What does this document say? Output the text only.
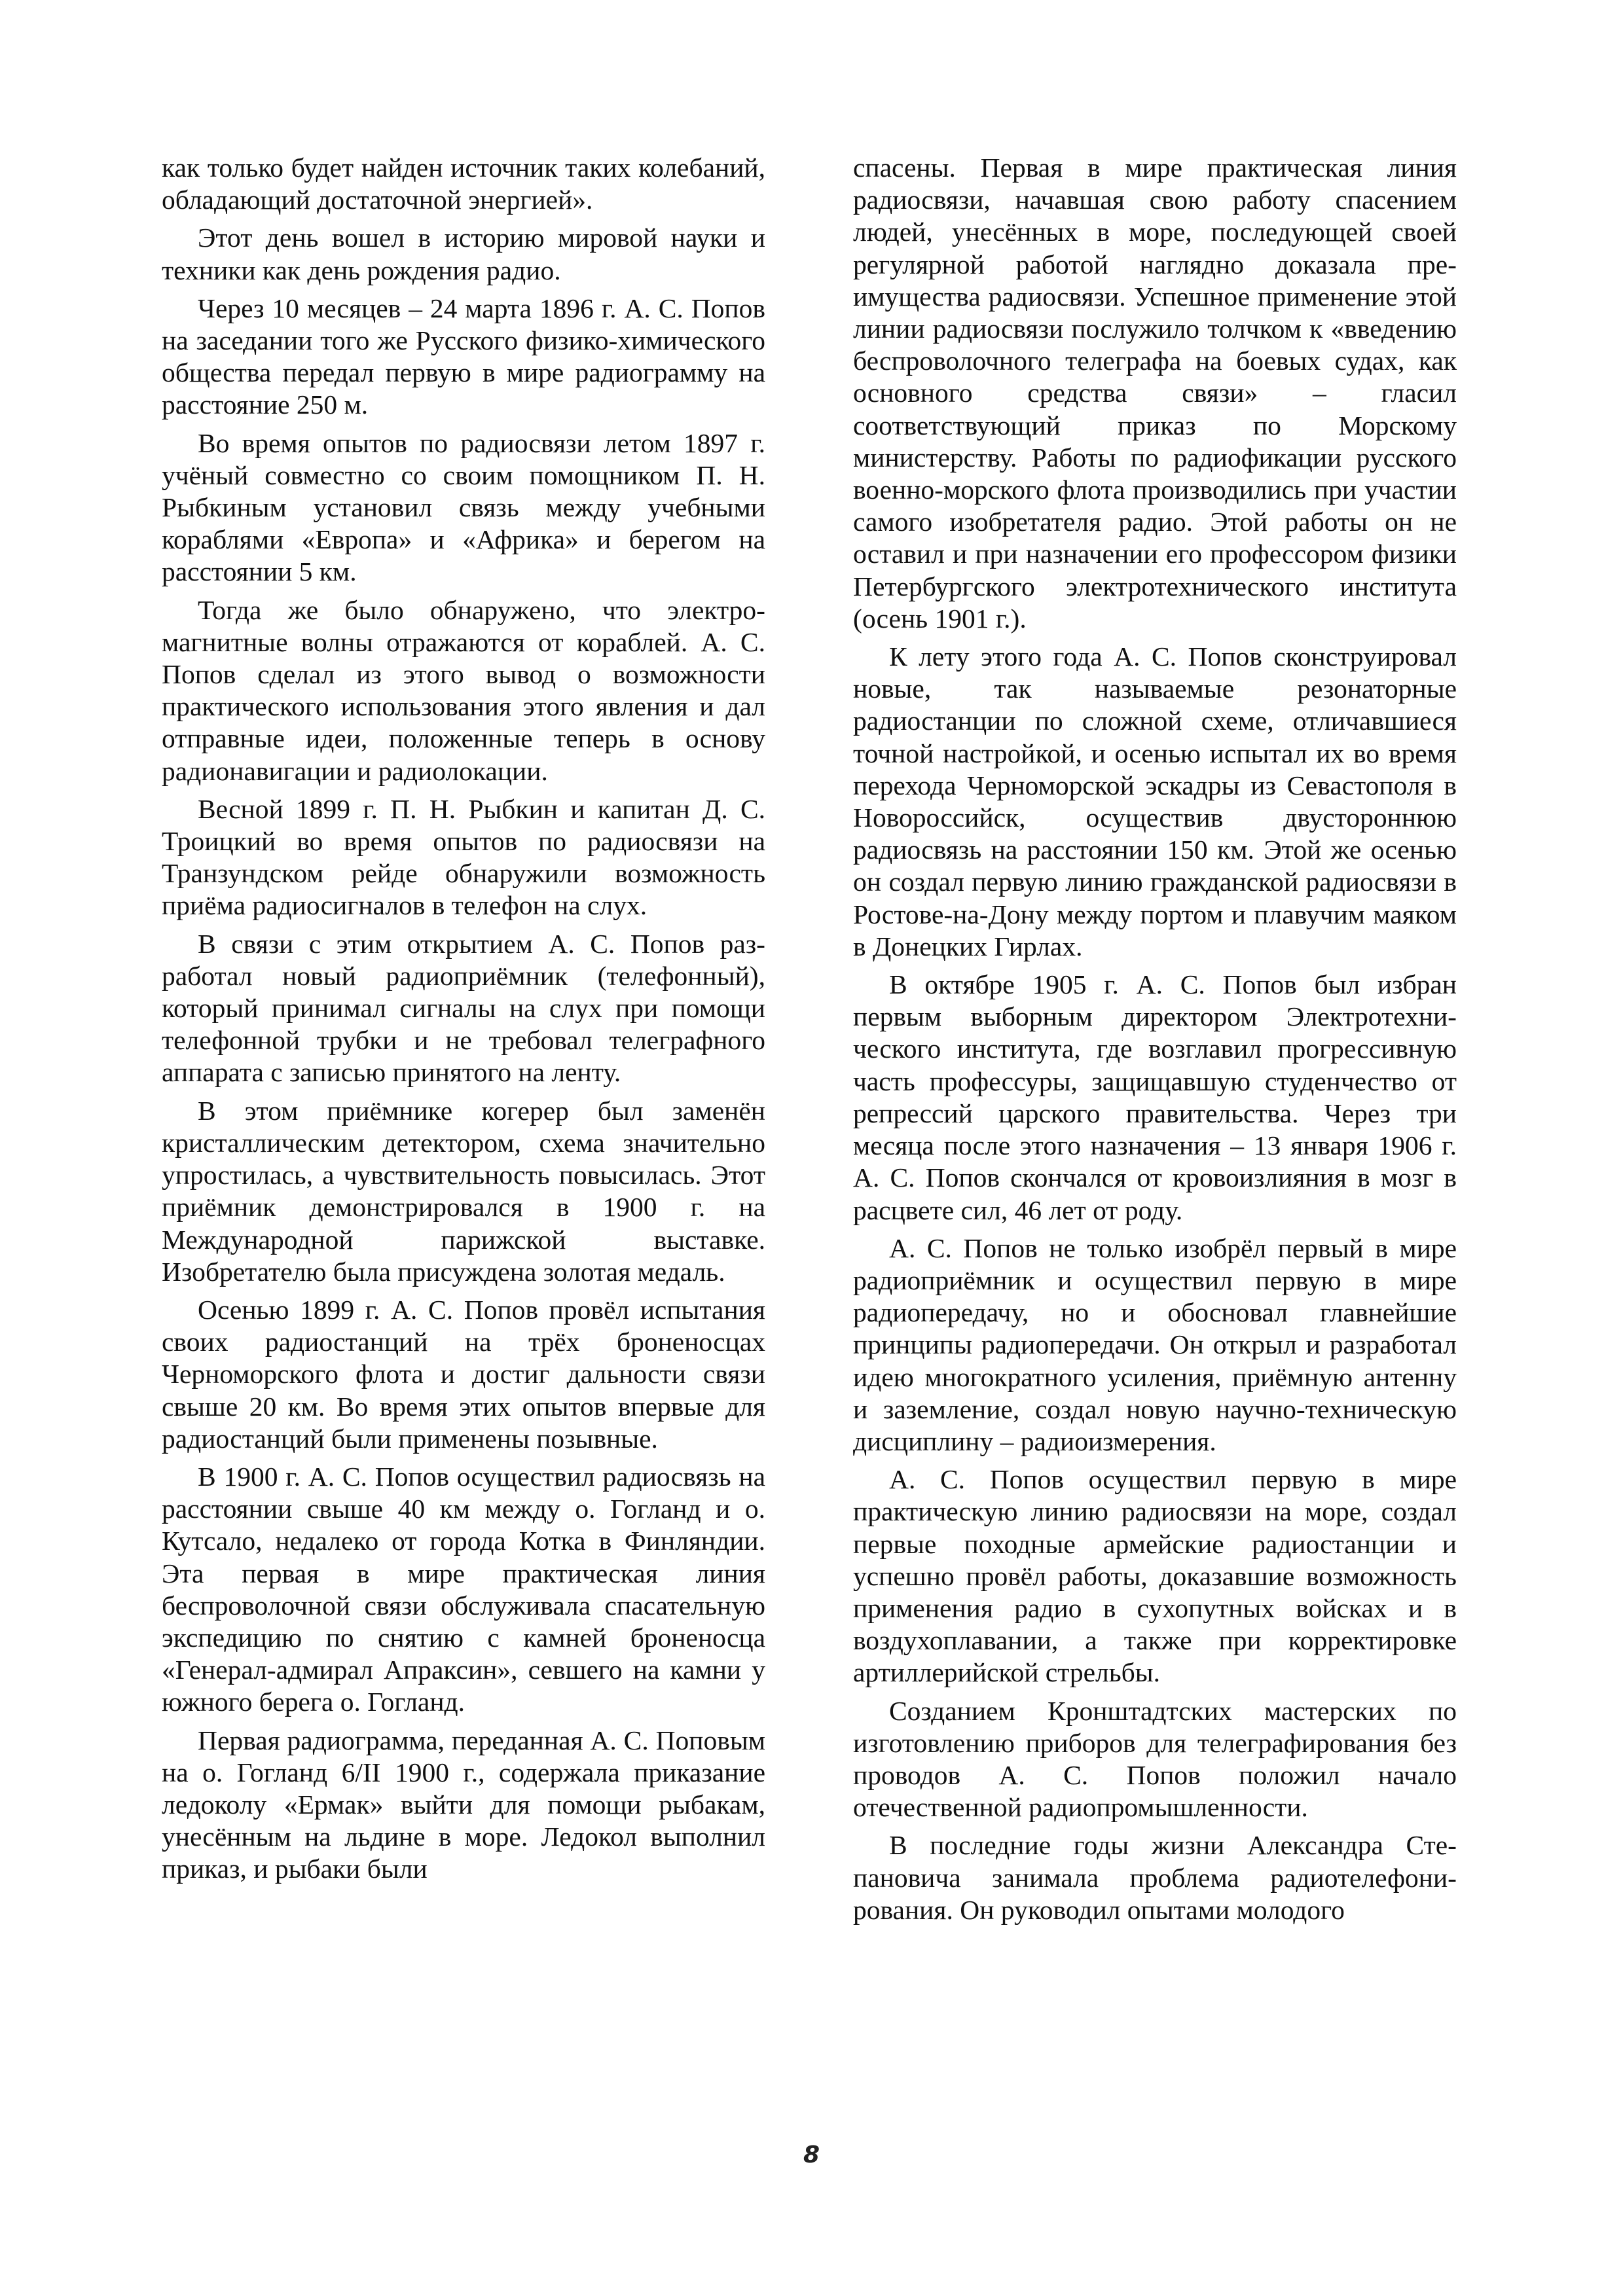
как только будет найден источник таких колебаний, обладающий достаточной энергией».

Этот день вошел в историю мировой науки и техники как день рождения радио.

Через 10 месяцев – 24 марта 1896 г. А. С. Попов на заседании того же Русского физико-химического общества передал первую в мире радиограмму на расстояние 250 м.

Во время опытов по радиосвязи летом 1897 г. учёный совместно со своим помощником П. Н. Рыбкиным установил связь между учебными кораблями «Европа» и «Африка» и берегом на расстоянии 5 км.

Тогда же было обнаружено, что электромагнитные волны отражаются от кораблей. А. С. Попов сделал из этого вывод о возможности практического использования этого явления и дал отправные идеи, положенные теперь в основу радионавигации и радиолокации.

Весной 1899 г. П. Н. Рыбкин и капитан Д. С. Троицкий во время опытов по радиосвязи на Транзундском рейде обнаружили возможность приёма радиосигналов в телефон на слух.

В связи с этим открытием А. С. Попов разработал новый радиоприёмник (телефонный), который принимал сигналы на слух при помощи телефонной трубки и не требовал телеграфного аппарата с записью принятого на ленту.

В этом приёмнике когерер был заменён кристаллическим детектором, схема значительно упростилась, а чувствительность повысилась. Этот приёмник демонстрировался в 1900 г. на Международной парижской выставке. Изобретателю была присуждена золотая медаль.

Осенью 1899 г. А. С. Попов провёл испытания своих радиостанций на трёх броненосцах Черноморского флота и достиг дальности связи свыше 20 км. Во время этих опытов впервые для радиостанций были применены позывные.

В 1900 г. А. С. Попов осуществил радиосвязь на расстоянии свыше 40 км между о. Гогланд и о. Кутсало, недалеко от города Котка в Финляндии. Эта первая в мире практическая линия беспроволочной связи обслуживала спасательную экспедицию по снятию с камней броненосца «Генерал-адмирал Апраксин», севшего на камни у южного берега о. Гогланд.

Первая радиограмма, переданная А. С. Поповым на о. Гогланд 6/II 1900 г., содержала приказание ледоколу «Ермак» выйти для помощи рыбакам, унесённым на льдине в море. Ледокол выполнил приказ, и рыбаки были

спасены. Первая в мире практическая линия радиосвязи, начавшая свою работу спасением людей, унесённых в море, последующей своей регулярной работой наглядно доказала преимущества радиосвязи. Успешное применение этой линии радиосвязи послужило толчком к «введению беспроволочного телеграфа на боевых судах, как основного средства связи» – гласил соответствующий приказ по Морскому министерству. Работы по радиофикации русского военно-морского флота производились при участии самого изобретателя радио. Этой работы он не оставил и при назначении его профессором физики Петербургского электротехнического института (осень 1901 г.).

К лету этого года А. С. Попов сконструировал новые, так называемые резонаторные радиостанции по сложной схеме, отличавшиеся точной настройкой, и осенью испытал их во время перехода Черноморской эскадры из Севастополя в Новороссийск, осуществив двустороннюю радиосвязь на расстоянии 150 км. Этой же осенью он создал первую линию гражданской радиосвязи в Ростове-на-Дону между портом и плавучим маяком в Донецких Гирлах.

В октябре 1905 г. А. С. Попов был избран первым выборным директором Электротехнического института, где возглавил прогрессивную часть профессуры, защищавшую студенчество от репрессий царского правительства. Через три месяца после этого назначения – 13 января 1906 г. А. С. Попов скончался от кровоизлияния в мозг в расцвете сил, 46 лет от роду.

А. С. Попов не только изобрёл первый в мире радиоприёмник и осуществил первую в мире радиопередачу, но и обосновал главнейшие принципы радиопередачи. Он открыл и разработал идею многократного усиления, приёмную антенну и заземление, создал новую научно-техническую дисциплину – радиоизмерения.

А. С. Попов осуществил первую в мире практическую линию радиосвязи на море, создал первые походные армейские радиостанции и успешно провёл работы, доказавшие возможность применения радио в сухопутных войсках и в воздухоплавании, а также при корректировке артиллерийской стрельбы.

Созданием Кронштадтских мастерских по изготовлению приборов для телеграфирования без проводов А. С. Попов положил начало отечественной радиопромышленности.

В последние годы жизни Александра Степановича занимала проблема радиотелефонирования. Он руководил опытами молодого

8
